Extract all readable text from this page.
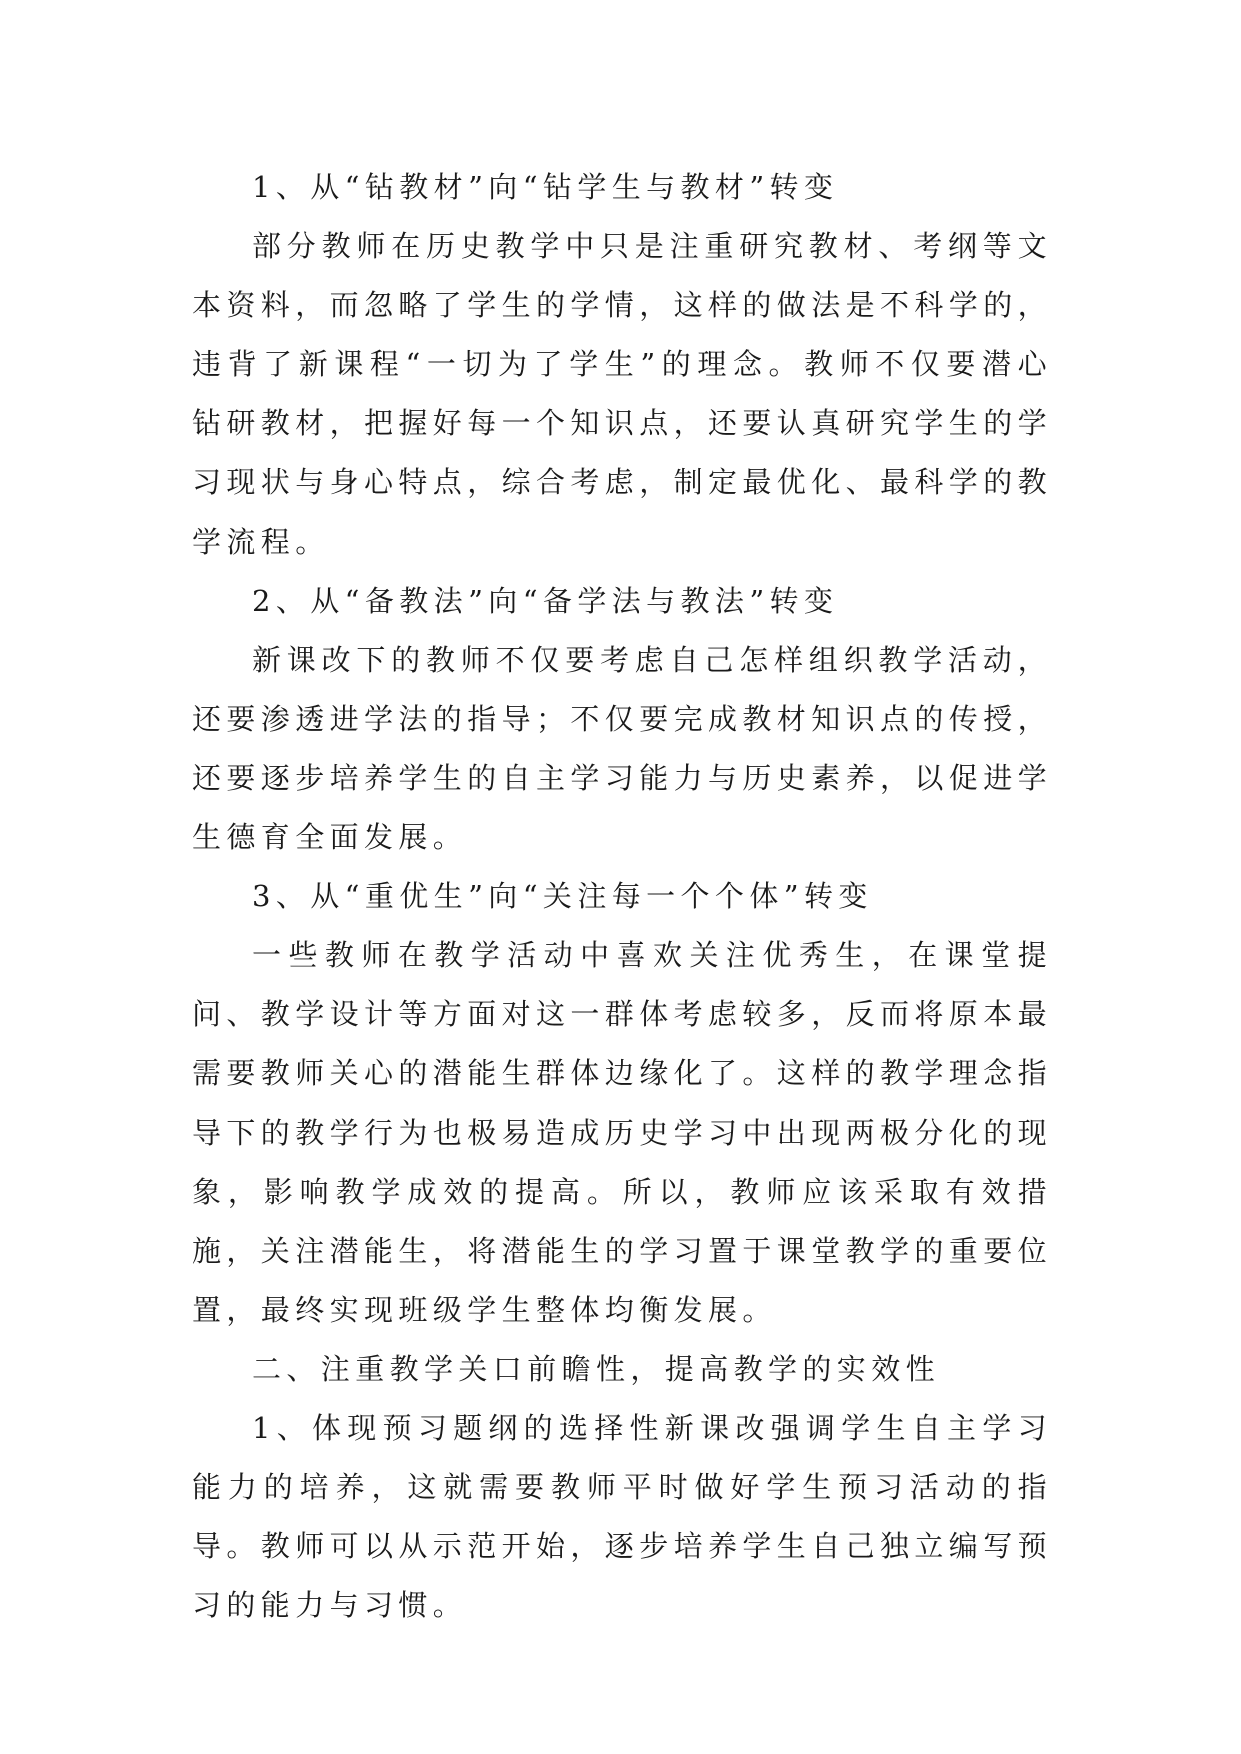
1、从“钻教材”向“钻学生与教材”转变

部分教师在历史教学中只是注重研究教材、考纲等文本资料，而忽略了学生的学情，这样的做法是不科学的，违背了新课程“一切为了学生”的理念。教师不仅要潜心钻研教材，把握好每一个知识点，还要认真研究学生的学习现状与身心特点，综合考虑，制定最优化、最科学的教学流程。

2、从“备教法”向“备学法与教法”转变

新课改下的教师不仅要考虑自己怎样组织教学活动，还要渗透进学法的指导；不仅要完成教材知识点的传授，还要逐步培养学生的自主学习能力与历史素养，以促进学生德育全面发展。

3、从“重优生”向“关注每一个个体”转变

一些教师在教学活动中喜欢关注优秀生，在课堂提问、教学设计等方面对这一群体考虑较多，反而将原本最需要教师关心的潜能生群体边缘化了。这样的教学理念指导下的教学行为也极易造成历史学习中出现两极分化的现象，影响教学成效的提高。所以，教师应该采取有效措施，关注潜能生，将潜能生的学习置于课堂教学的重要位置，最终实现班级学生整体均衡发展。

二、注重教学关口前瞻性，提高教学的实效性

1、体现预习题纲的选择性新课改强调学生自主学习能力的培养，这就需要教师平时做好学生预习活动的指导。教师可以从示范开始，逐步培养学生自己独立编写预习的能力与习惯。
